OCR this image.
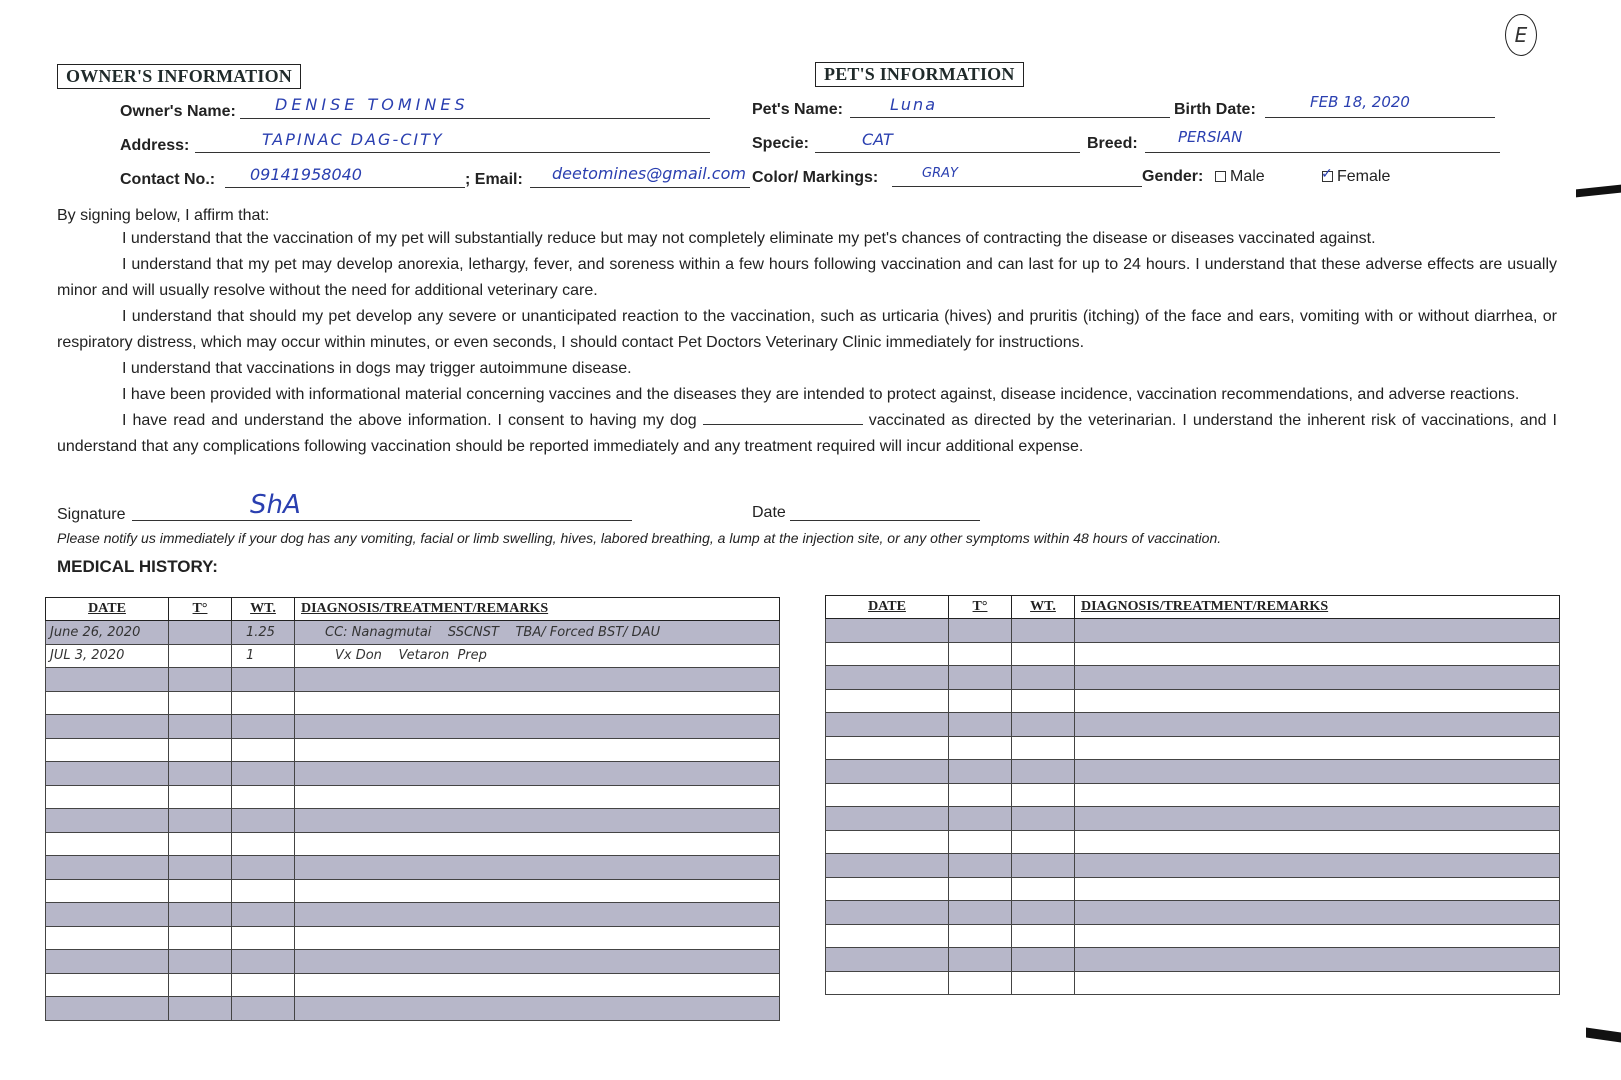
E
OWNER'S INFORMATION
Owner's Name: DENISE TOMINES
Address:	TAPINAC DAG-CITY
Contact No.: 09141958040	; Email: deetomines@gmail.com
PET'S INFORMATION
Pet's Name:	Luna	Birth Date:	FEB 18, 2020
Specie:	CAT	Breed:	PERSIAN
Color/ Markings:	GRAY	Gender:	Male	✓ Female
By signing below, I affirm that:
I understand that the vaccination of my pet will substantially reduce but may not completely eliminate my pet's chances of contracting the disease or diseases vaccinated against.
I understand that my pet may develop anorexia, lethargy, fever, and soreness within a few hours following vaccination and can last for up to 24 hours. I understand that these adverse effects are usually minor and will usually resolve without the need for additional veterinary care.
I understand that should my pet develop any severe or unanticipated reaction to the vaccination, such as urticaria (hives) and pruritis (itching) of the face and ears, vomiting with or without diarrhea, or respiratory distress, which may occur within minutes, or even seconds, I should contact Pet Doctors Veterinary Clinic immediately for instructions.
I understand that vaccinations in dogs may trigger autoimmune disease.
I have been provided with informational material concerning vaccines and the diseases they are intended to protect against, disease incidence, vaccination recommendations, and adverse reactions.
I have read and understand the above information. I consent to having my dog	vaccinated as directed by the veterinarian. I understand the inherent risk of vaccinations, and I understand that any complications following vaccination should be reported immediately and any treatment required will incur additional expense.
Signature	ShA	Date
Please notify us immediately if your dog has any vomiting, facial or limb swelling, hives, labored breathing, a lump at the injection site, or any other symptoms within 48 hours of vaccination.
MEDICAL HISTORY:
DATE	T°	WT.	DIAGNOSIS/TREATMENT/REMARKS
June 26, 2020		1.25	CC: Nanagmutai    SSCNST    TBA/ Forced BST/ DAU
JUL 3, 2020		1	Vx Don    Vetaron  Prep

DATE	T°	WT.	DIAGNOSIS/TREATMENT/REMARKS
